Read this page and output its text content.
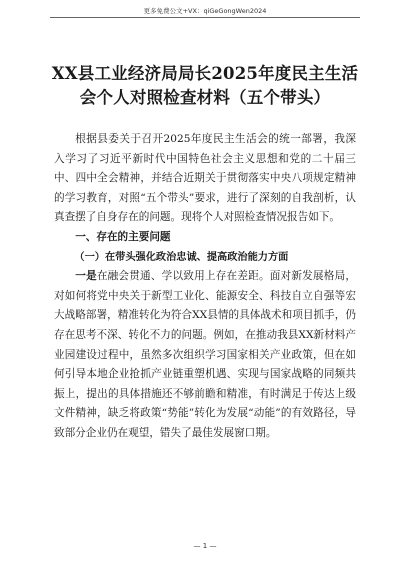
更多免费公文+VX：qiGeGongWen2024
XX县工业经济局局长2025年度民主生活
会个人对照检查材料（五个带头）

根据县委关于召开2025年度民主生活会的统一部署，我深入学习了习近平新时代中国特色社会主义思想和党的二十届三中、四中全会精神，并结合近期关于贯彻落实中央八项规定精神的学习教育，对照“五个带头”要求，进行了深刻的自我剖析，认真查摆了自身存在的问题。现将个人对照检查情况报告如下。

一、存在的主要问题

（一）在带头强化政治忠诚、提高政治能力方面

一是在融会贯通、学以致用上存在差距。面对新发展格局，对如何将党中央关于新型工业化、能源安全、科技自立自强等宏大战略部署，精准转化为符合XX县情的具体战术和项目抓手，仍存在思考不深、转化不力的问题。例如，在推动我县XX新材料产业园建设过程中，虽然多次组织学习国家相关产业政策，但在如何引导本地企业抢抓产业链重塑机遇、实现与国家战略的同频共振上，提出的具体措施还不够前瞻和精准，有时满足于传达上级文件精神，缺乏将政策“势能”转化为发展“动能”的有效路径，导致部分企业仍在观望，错失了最佳发展窗口期。

— 1 —
